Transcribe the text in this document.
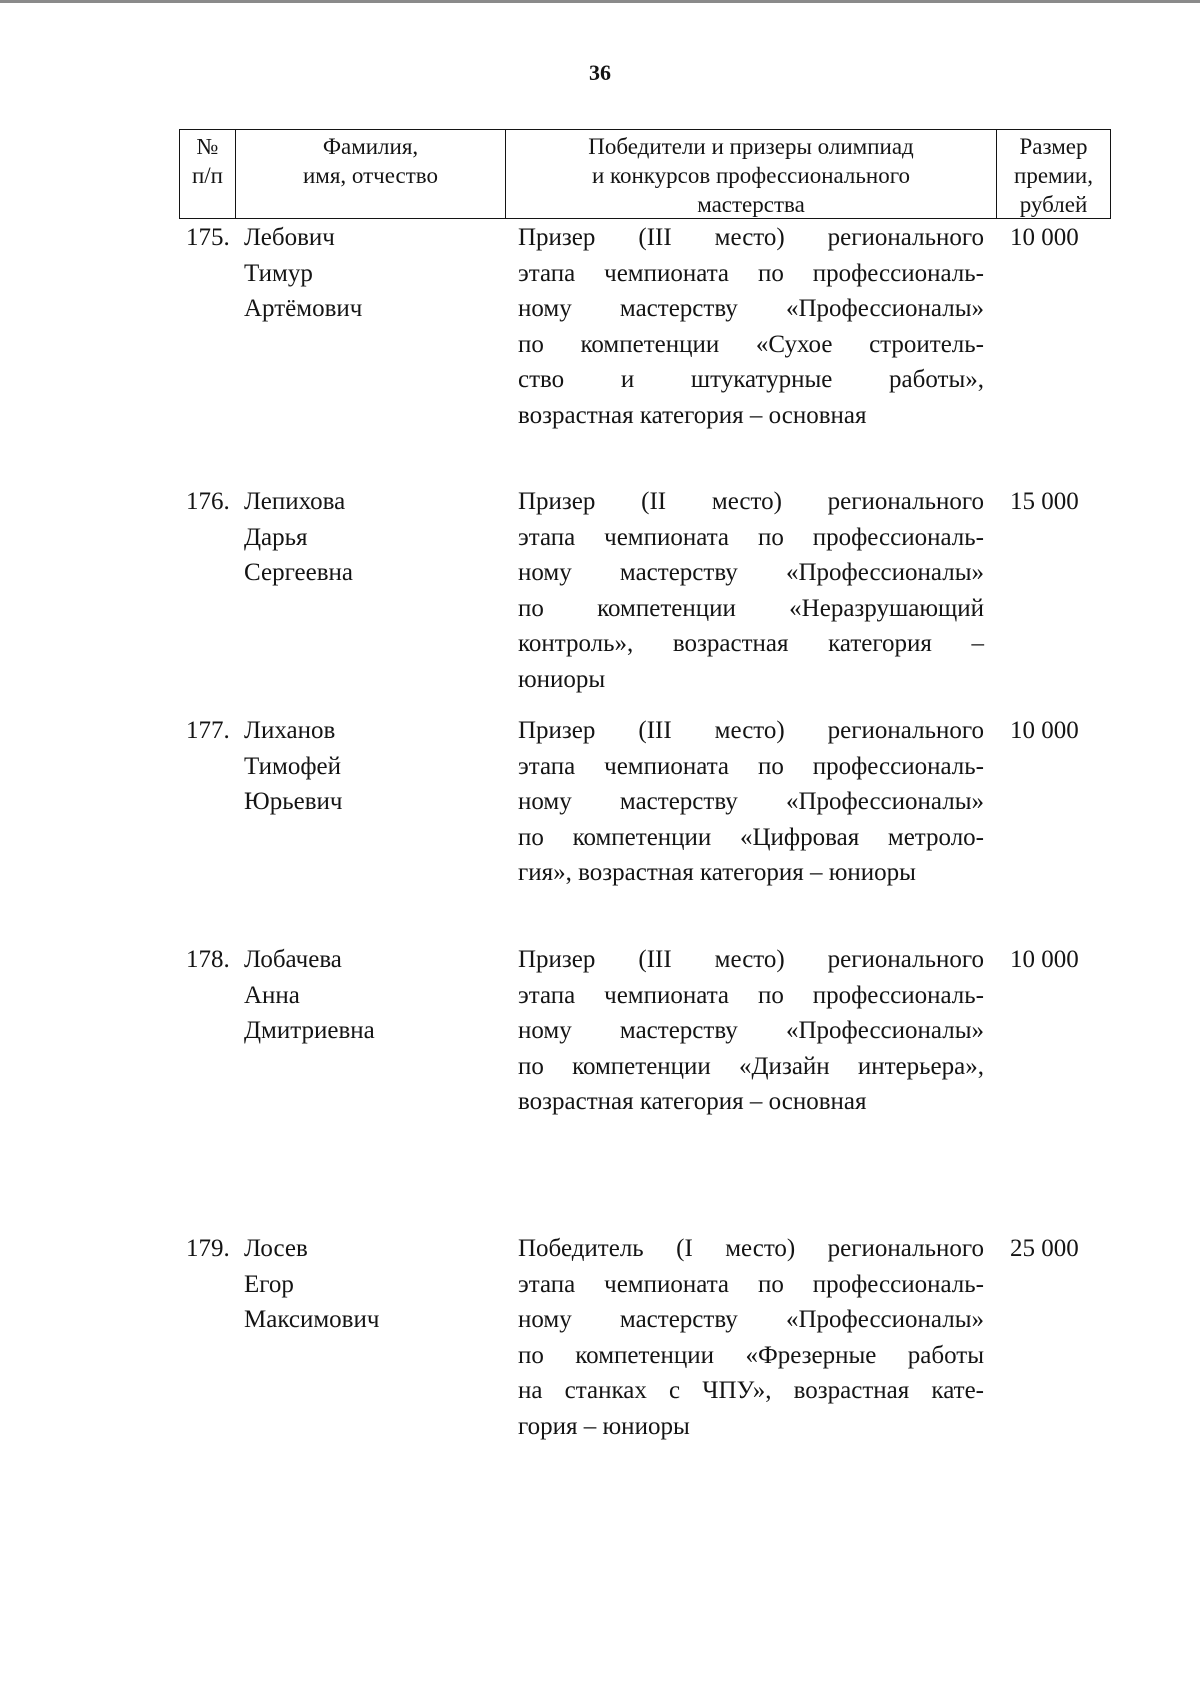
36
№
п/п
Фамилия,
имя, отчество
Победители и призеры олимпиад
и конкурсов профессионального
мастерства
Размер
премии,
рублей
175. Лебович
Тимур
Артёмович
Призер (III место) регионального
этапа чемпионата по профессиональ-
ному мастерству «Профессионалы»
по компетенции «Сухое строитель-
ство и штукатурные работы»,
возрастная категория – основная
10 000
176. Лепихова
Дарья
Сергеевна
Призер (II место) регионального
этапа чемпионата по профессиональ-
ному мастерству «Профессионалы»
по компетенции «Неразрушающий
контроль», возрастная категория –
юниоры
15 000
177. Лиханов
Тимофей
Юрьевич
Призер (III место) регионального
этапа чемпионата по профессиональ-
ному мастерству «Профессионалы»
по компетенции «Цифровая метроло-
гия», возрастная категория – юниоры
10 000
178. Лобачева
Анна
Дмитриевна
Призер (III место) регионального
этапа чемпионата по профессиональ-
ному мастерству «Профессионалы»
по компетенции «Дизайн интерьера»,
возрастная категория – основная
10 000
179. Лосев
Егор
Максимович
Победитель (I место) регионального
этапа чемпионата по профессиональ-
ному мастерству «Профессионалы»
по компетенции «Фрезерные работы
на станках с ЧПУ», возрастная кате-
гория – юниоры
25 000
